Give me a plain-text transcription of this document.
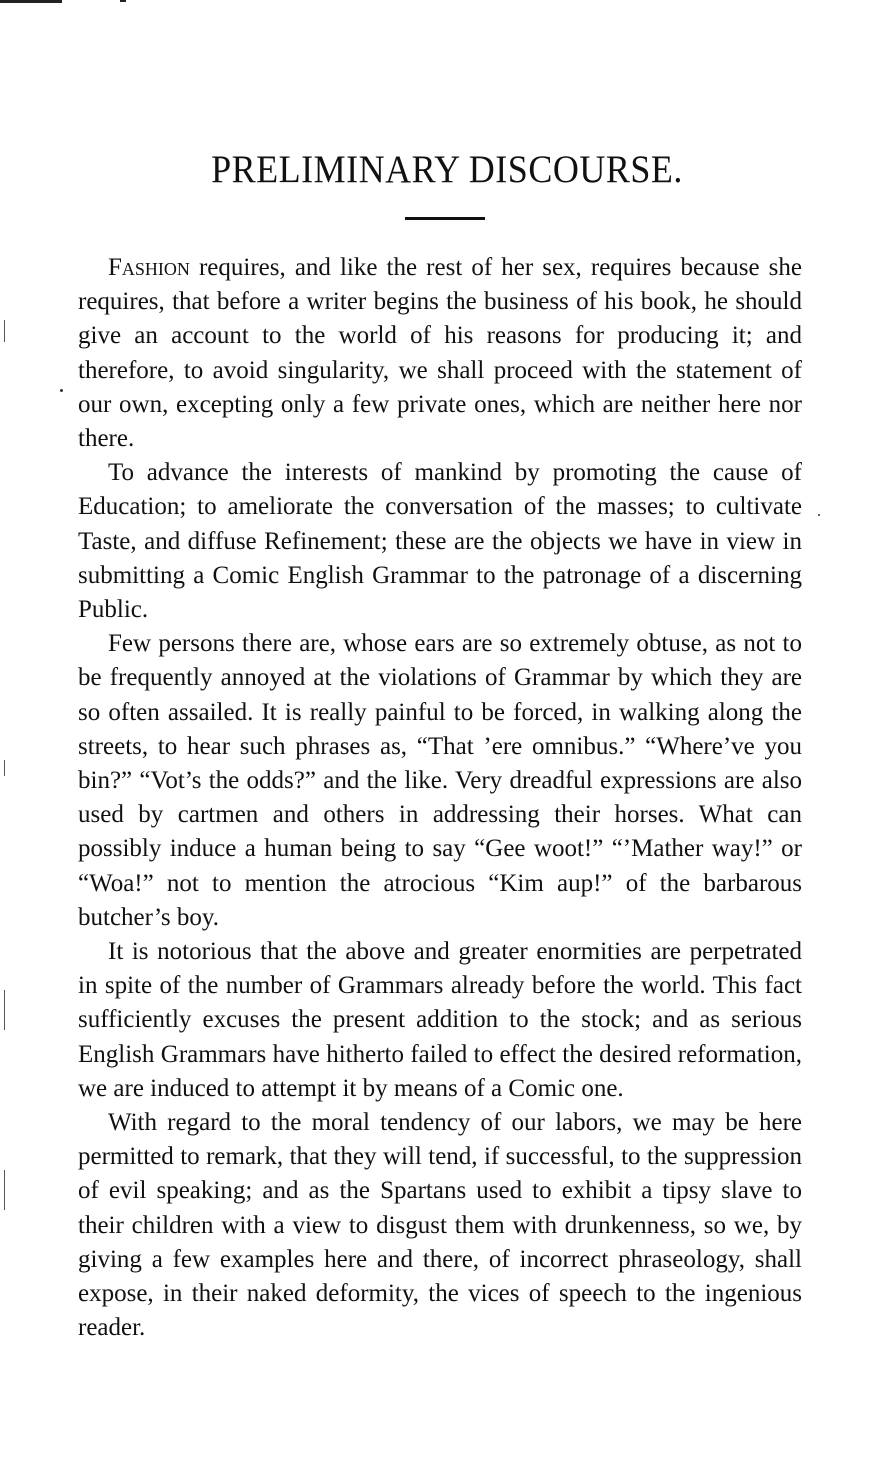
PRELIMINARY DISCOURSE.

Fashion requires, and like the rest of her sex, requires because she requires, that before a writer begins the business of his book, he should give an account to the world of his reasons for producing it; and therefore, to avoid singularity, we shall proceed with the statement of our own, excepting only a few private ones, which are neither here nor there.

To advance the interests of mankind by promoting the cause of Education; to ameliorate the conversation of the masses; to cultivate Taste, and diffuse Refinement; these are the objects we have in view in submitting a Comic English Grammar to the patronage of a discerning Public.

Few persons there are, whose ears are so extremely obtuse, as not to be frequently annoyed at the violations of Grammar by which they are so often assailed. It is really painful to be forced, in walking along the streets, to hear such phrases as, “That ’ere omnibus.” “Where’ve you bin?” “Vot’s the odds?” and the like. Very dreadful expressions are also used by cartmen and others in addressing their horses. What can possibly induce a human being to say “Gee woot!” “’Mather way!” or “Woa!” not to mention the atrocious “Kim aup!” of the barbarous butcher’s boy.

It is notorious that the above and greater enormities are perpetrated in spite of the number of Grammars already before the world. This fact sufficiently excuses the present addition to the stock; and as serious English Grammars have hitherto failed to effect the desired reformation, we are induced to attempt it by means of a Comic one.

With regard to the moral tendency of our labors, we may be here permitted to remark, that they will tend, if successful, to the suppression of evil speaking; and as the Spartans used to exhibit a tipsy slave to their children with a view to disgust them with drunkenness, so we, by giving a few examples here and there, of incorrect phraseology, shall expose, in their naked deformity, the vices of speech to the ingenious reader.
